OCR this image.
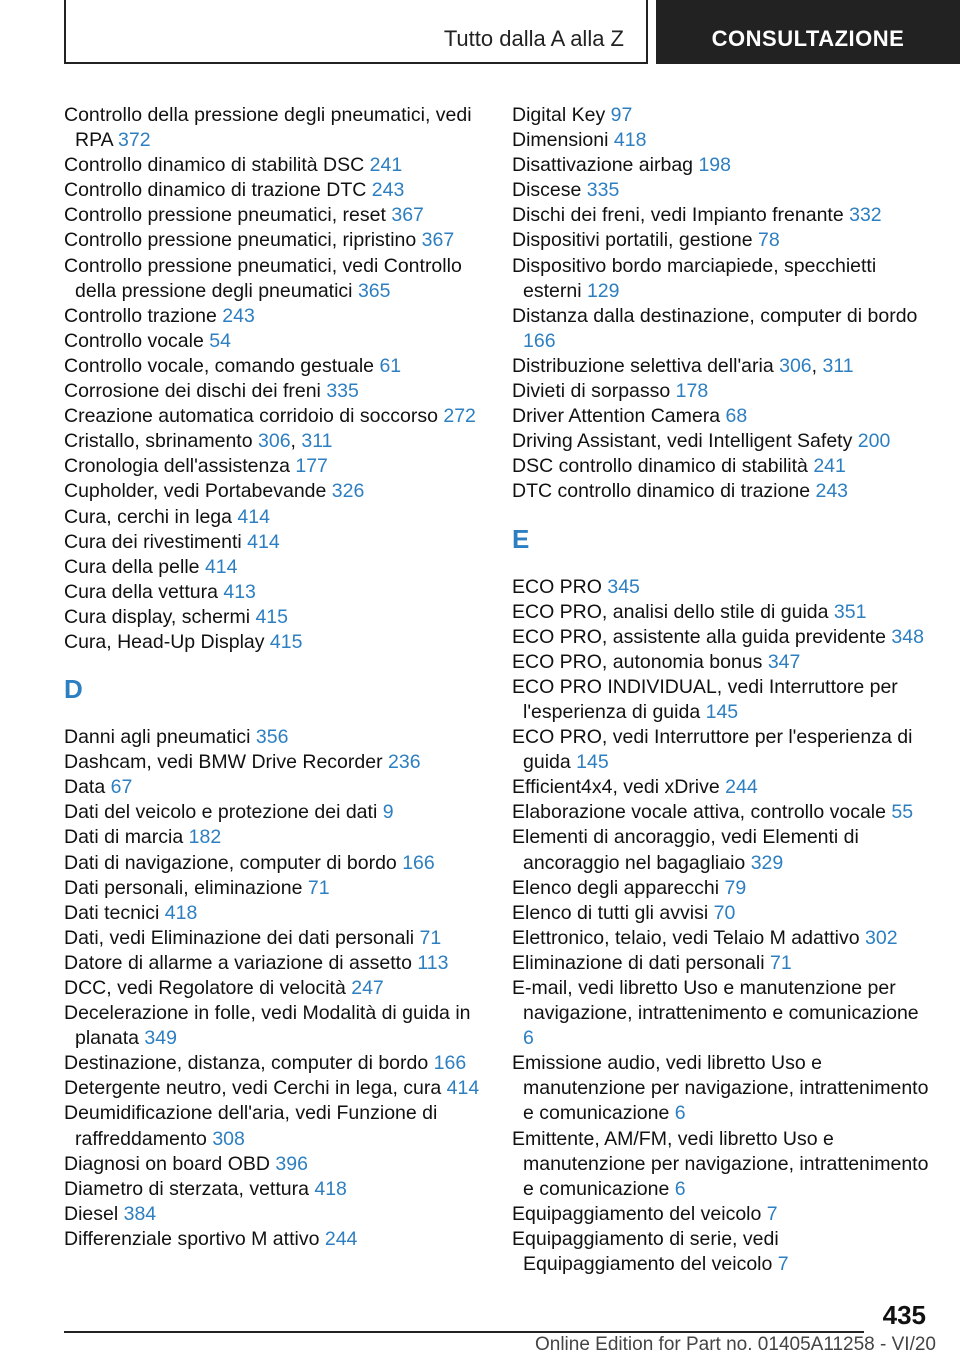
Tutto dalla A alla Z	CONSULTAZIONE
Controllo della pressione degli pneumatici, vedi RPA 372
Controllo dinamico di stabilità DSC 241
Controllo dinamico di trazione DTC 243
Controllo pressione pneumatici, reset 367
Controllo pressione pneumatici, ripristino 367
Controllo pressione pneumatici, vedi Controllo della pressione degli pneumatici 365
Controllo trazione 243
Controllo vocale 54
Controllo vocale, comando gestuale 61
Corrosione dei dischi dei freni 335
Creazione automatica corridoio di soccorso 272
Cristallo, sbrinamento 306, 311
Cronologia dell'assistenza 177
Cupholder, vedi Portabevande 326
Cura, cerchi in lega 414
Cura dei rivestimenti 414
Cura della pelle 414
Cura della vettura 413
Cura display, schermi 415
Cura, Head-Up Display 415
D
Danni agli pneumatici 356
Dashcam, vedi BMW Drive Recorder 236
Data 67
Dati del veicolo e protezione dei dati 9
Dati di marcia 182
Dati di navigazione, computer di bordo 166
Dati personali, eliminazione 71
Dati tecnici 418
Dati, vedi Eliminazione dei dati personali 71
Datore di allarme a variazione di assetto 113
DCC, vedi Regolatore di velocità 247
Decelerazione in folle, vedi Modalità di guida in planata 349
Destinazione, distanza, computer di bordo 166
Detergente neutro, vedi Cerchi in lega, cura 414
Deumidificazione dell'aria, vedi Funzione di raffreddamento 308
Diagnosi on board OBD 396
Diametro di sterzata, vettura 418
Diesel 384
Differenziale sportivo M attivo 244
Digital Key 97
Dimensioni 418
Disattivazione airbag 198
Discese 335
Dischi dei freni, vedi Impianto frenante 332
Dispositivi portatili, gestione 78
Dispositivo bordo marciapiede, specchietti esterni 129
Distanza dalla destinazione, computer di bordo 166
Distribuzione selettiva dell'aria 306, 311
Divieti di sorpasso 178
Driver Attention Camera 68
Driving Assistant, vedi Intelligent Safety 200
DSC controllo dinamico di stabilità 241
DTC controllo dinamico di trazione 243
E
ECO PRO 345
ECO PRO, analisi dello stile di guida 351
ECO PRO, assistente alla guida previdente 348
ECO PRO, autonomia bonus 347
ECO PRO INDIVIDUAL, vedi Interruttore per l'esperienza di guida 145
ECO PRO, vedi Interruttore per l'esperienza di guida 145
Efficient4x4, vedi xDrive 244
Elaborazione vocale attiva, controllo vocale 55
Elementi di ancoraggio, vedi Elementi di ancoraggio nel bagagliaio 329
Elenco degli apparecchi 79
Elenco di tutti gli avvisi 70
Elettronico, telaio, vedi Telaio M adattivo 302
Eliminazione di dati personali 71
E-mail, vedi libretto Uso e manutenzione per navigazione, intrattenimento e comunicazione 6
Emissione audio, vedi libretto Uso e manutenzione per navigazione, intrattenimento e comunicazione 6
Emittente, AM/FM, vedi libretto Uso e manutenzione per navigazione, intrattenimento e comunicazione 6
Equipaggiamento del veicolo 7
Equipaggiamento di serie, vedi Equipaggiamento del veicolo 7
435
Online Edition for Part no. 01405A11258 - VI/20
